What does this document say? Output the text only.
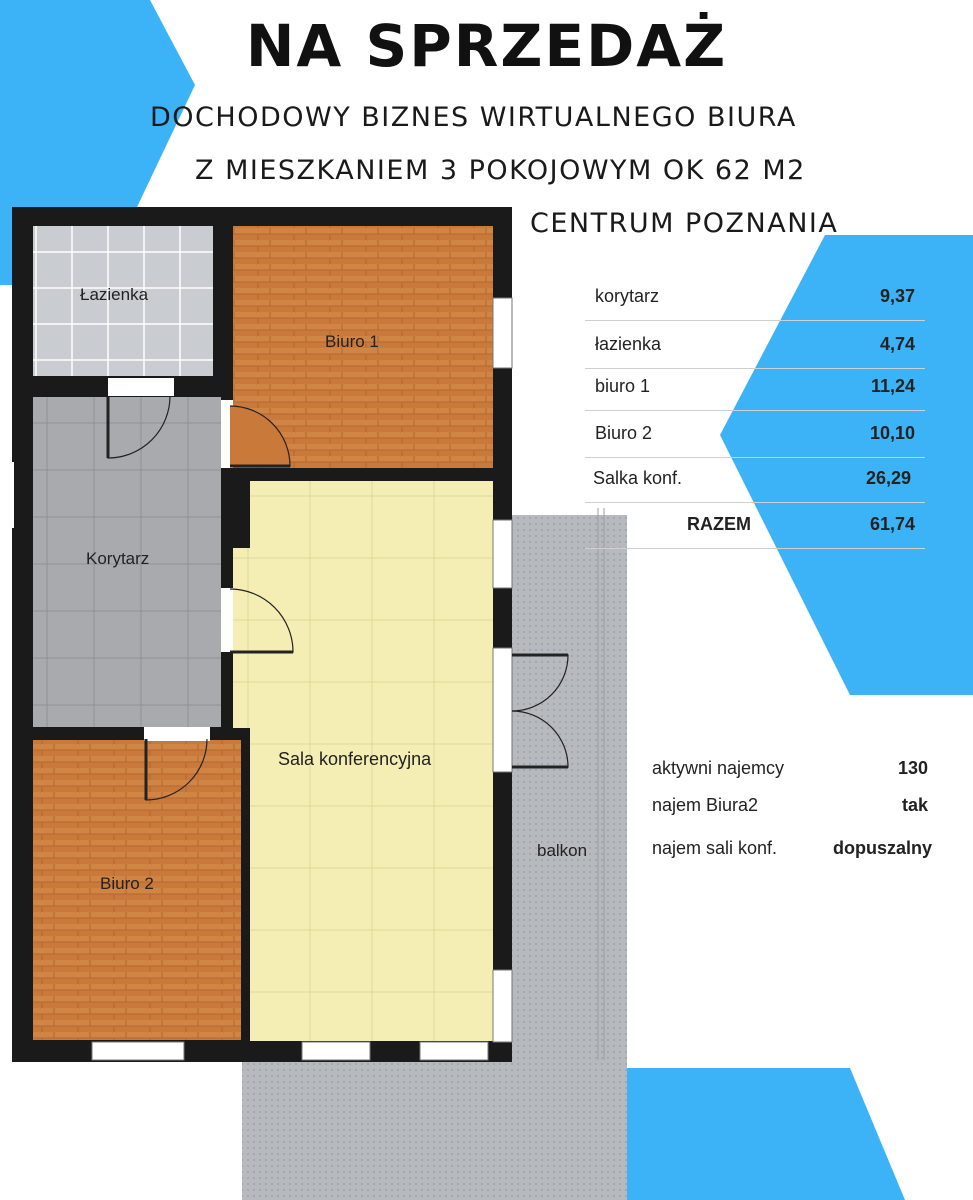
NA SPRZEDAŻ
DOCHODOWY BIZNES WIRTUALNEGO BIURA
Z MIESZKANIEM 3 POKOJOWYM OK 62 M2
CENTRUM POZNANIA
Łazienka
Biuro 1
Korytarz
Sala konferencyjna
Biuro 2
balkon
korytarz	9,37
łazienka	4,74
biuro 1	11,24
Biuro 2	10,10
Salka konf.	26,29
RAZEM	61,74
aktywni najemcy	130
najem Biura2	tak
najem sali konf.	dopuszalny
